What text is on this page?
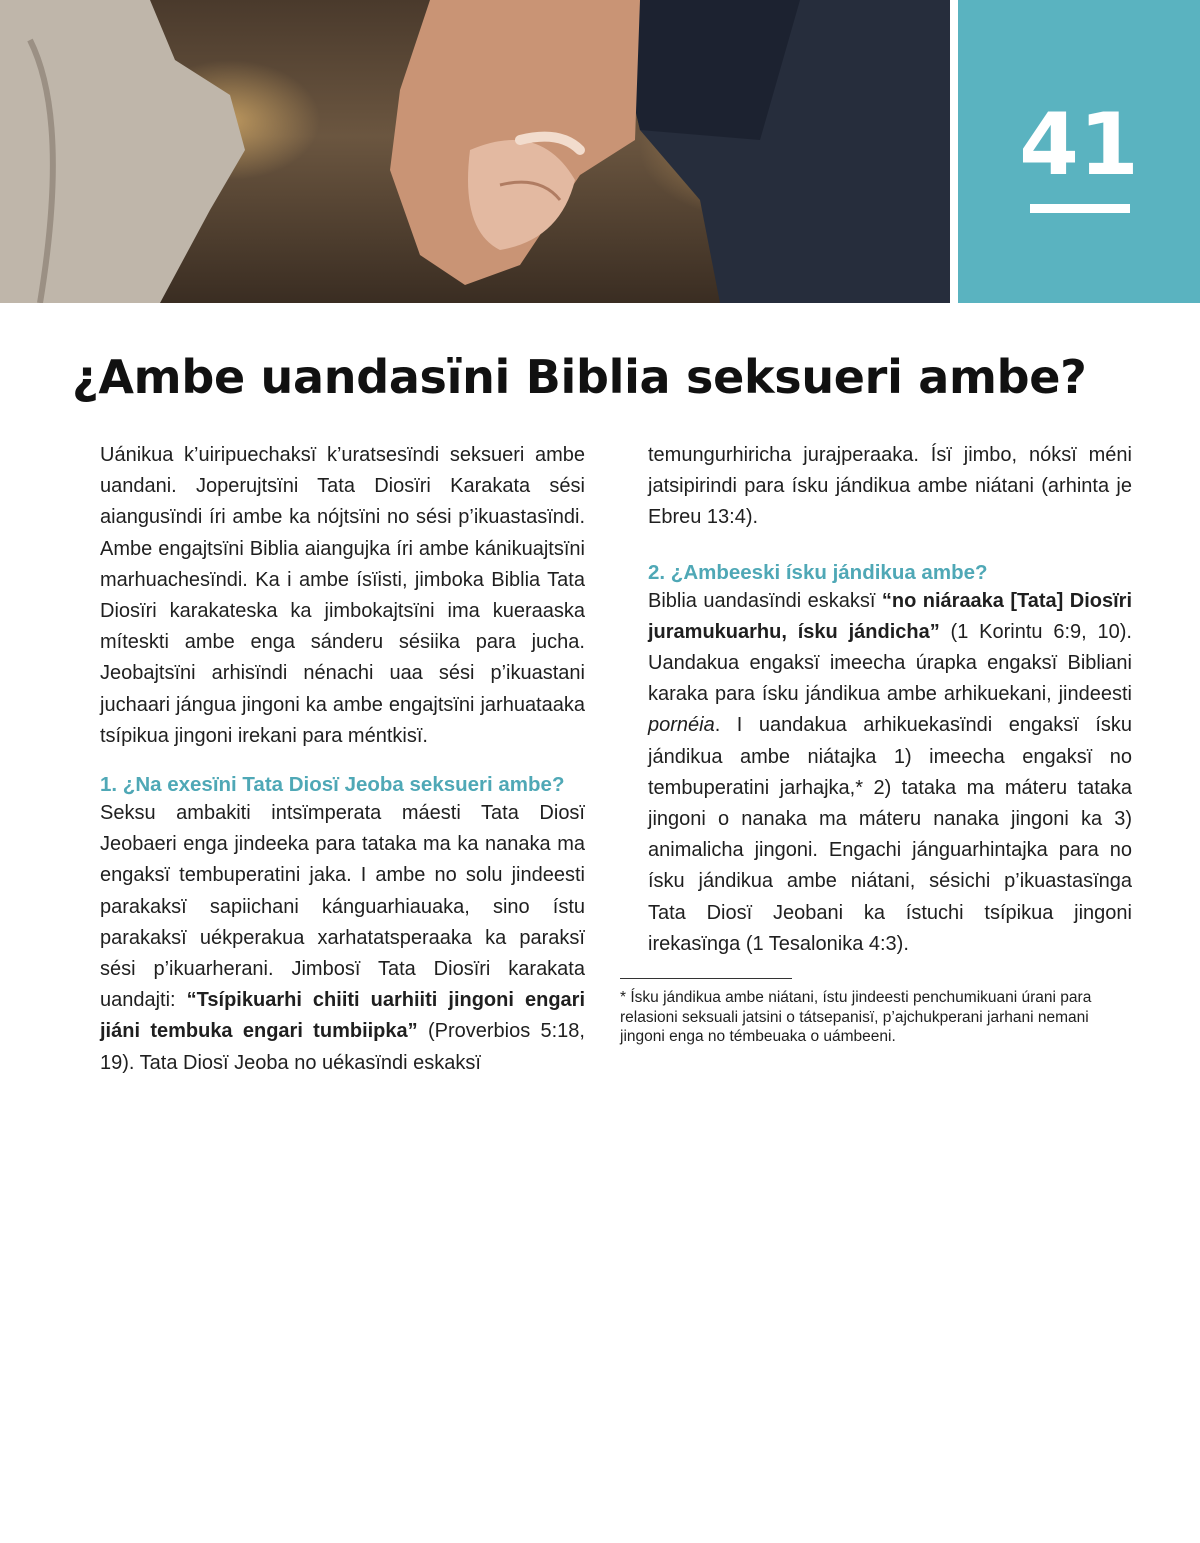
41
¿Ambe uandasïni Biblia seksueri ambe?

Uánikua k’uiripuechaksï k’uratsesïndi seksueri ambe uandani. Joperujtsïni Tata Diosïri Karakata sési aiangusïndi íri ambe ka nójtsïni no sési p’ikuastasïndi. Ambe engajtsïni Biblia aiangujka íri ambe kánikuajtsïni marhuachesïndi. Ka i ambe ísïisti, jimboka Biblia Tata Diosïri karakateska ka jimbokajtsïni ima kueraaska míteskti ambe enga sánderu sésiika para jucha. Jeobajtsïni arhisïndi nénachi uaa sési p’ikuastani juchaari jángua jingoni ka ambe engajtsïni jarhuataaka tsípikua jingoni irekani para méntkisï.

1. ¿Na exesïni Tata Diosï Jeoba seksueri ambe?

Seksu ambakiti intsïmperata máesti Tata Diosï Jeobaeri enga jindeeka para tataka ma ka nanaka ma engaksï tembuperatini jaka. I ambe no solu jindeesti parakaksï sapiichani kánguarhiauaka, sino ístu parakaksï uékperakua xarhatatsperaaka ka paraksï sési p’ikuarherani. Jimbosï Tata Diosïri karakata uandajti: “Tsípikuarhi chiiti uarhiiti jingoni engari jiáni tembuka engari tumbiipka” (Proverbios 5:18, 19). Tata Diosï Jeoba no uékasïndi eskaksï

temungurhiricha jurajperaaka. Ísï jimbo, nóksï méni jatsipirindi para ísku jándikua ambe niátani (arhinta je Ebreu 13:4).

2. ¿Ambeeski ísku jándikua ambe?

Biblia uandasïndi eskaksï “no niáraaka [Tata] Diosïri juramukuarhu, ísku jándicha” (1 Korintu 6:9, 10). Uandakua engaksï imeecha úrapka engaksï Bibliani karaka para ísku jándikua ambe arhikuekani, jindeesti pornéia. I uandakua arhikuekasïndi engaksï ísku jándikua ambe niátajka 1) imeecha engaksï no tembuperatini jarhajka,* 2) tataka ma máteru tataka jingoni o nanaka ma máteru nanaka jingoni ka 3) animalicha jingoni. Engachi jánguarhintajka para no ísku jándikua ambe niátani, sésichi p’ikuastasïnga Tata Diosï Jeobani ka ístuchi tsípikua jingoni irekasïnga (1 Tesalonika 4:3).

* Ísku jándikua ambe niátani, ístu jindeesti penchumikuani úrani para relasioni seksuali jatsini o tátsepanisï, p’ajchukperani jarhani nemani jingoni enga no témbeuaka o uámbeeni.
